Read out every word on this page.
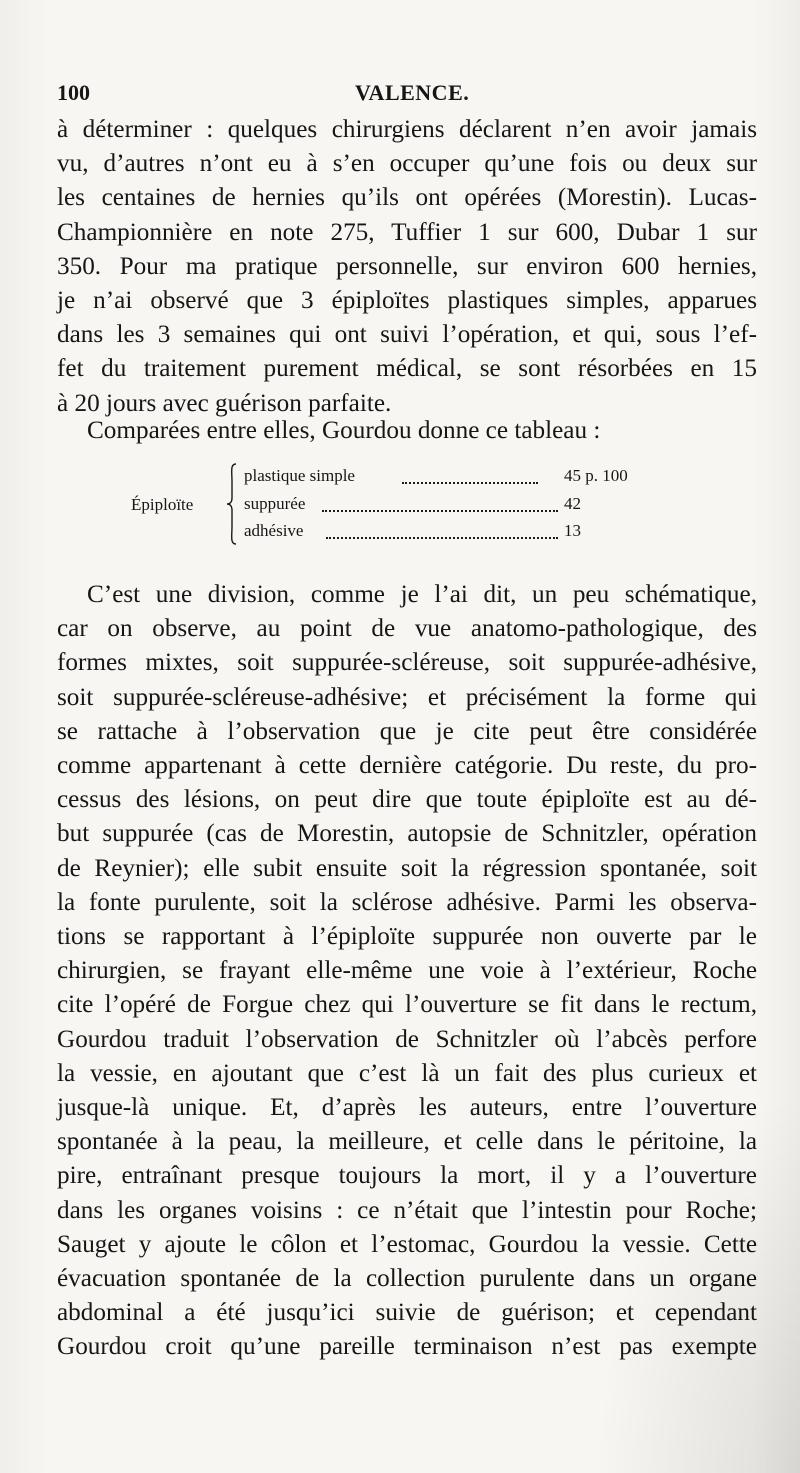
100	VALENCE.
à déterminer : quelques chirurgiens déclarent n’en avoir jamais
vu, d’autres n’ont eu à s’en occuper qu’une fois ou deux sur
les centaines de hernies qu’ils ont opérées (Morestin). Lucas-
Championnière en note 275, Tuffier 1 sur 600, Dubar 1 sur
350. Pour ma pratique personnelle, sur environ 600 hernies,
je n’ai observé que 3 épiploïtes plastiques simples, apparues
dans les 3 semaines qui ont suivi l’opération, et qui, sous l’ef-
fet du traitement purement médical, se sont résorbées en 15
à 20 jours avec guérison parfaite.
Comparées entre elles, Gourdou donne ce tableau :
Épiploïte
plastique simple	45 p. 100
suppurée	42
adhésive	13
C’est une division, comme je l’ai dit, un peu schématique,
car on observe, au point de vue anatomo-pathologique, des
formes mixtes, soit suppurée-scléreuse, soit suppurée-adhésive,
soit suppurée-scléreuse-adhésive; et précisément la forme qui
se rattache à l’observation que je cite peut être considérée
comme appartenant à cette dernière catégorie. Du reste, du pro-
cessus des lésions, on peut dire que toute épiploïte est au dé-
but suppurée (cas de Morestin, autopsie de Schnitzler, opération
de Reynier); elle subit ensuite soit la régression spontanée, soit
la fonte purulente, soit la sclérose adhésive. Parmi les observa-
tions se rapportant à l’épiploïte suppurée non ouverte par le
chirurgien, se frayant elle-même une voie à l’extérieur, Roche
cite l’opéré de Forgue chez qui l’ouverture se fit dans le rectum,
Gourdou traduit l’observation de Schnitzler où l’abcès perfore
la vessie, en ajoutant que c’est là un fait des plus curieux et
jusque-là unique. Et, d’après les auteurs, entre l’ouverture
spontanée à la peau, la meilleure, et celle dans le péritoine, la
pire, entraînant presque toujours la mort, il y a l’ouverture
dans les organes voisins : ce n’était que l’intestin pour Roche;
Sauget y ajoute le côlon et l’estomac, Gourdou la vessie. Cette
évacuation spontanée de la collection purulente dans un organe
abdominal a été jusqu’ici suivie de guérison; et cependant
Gourdou croit qu’une pareille terminaison n’est pas exempte
